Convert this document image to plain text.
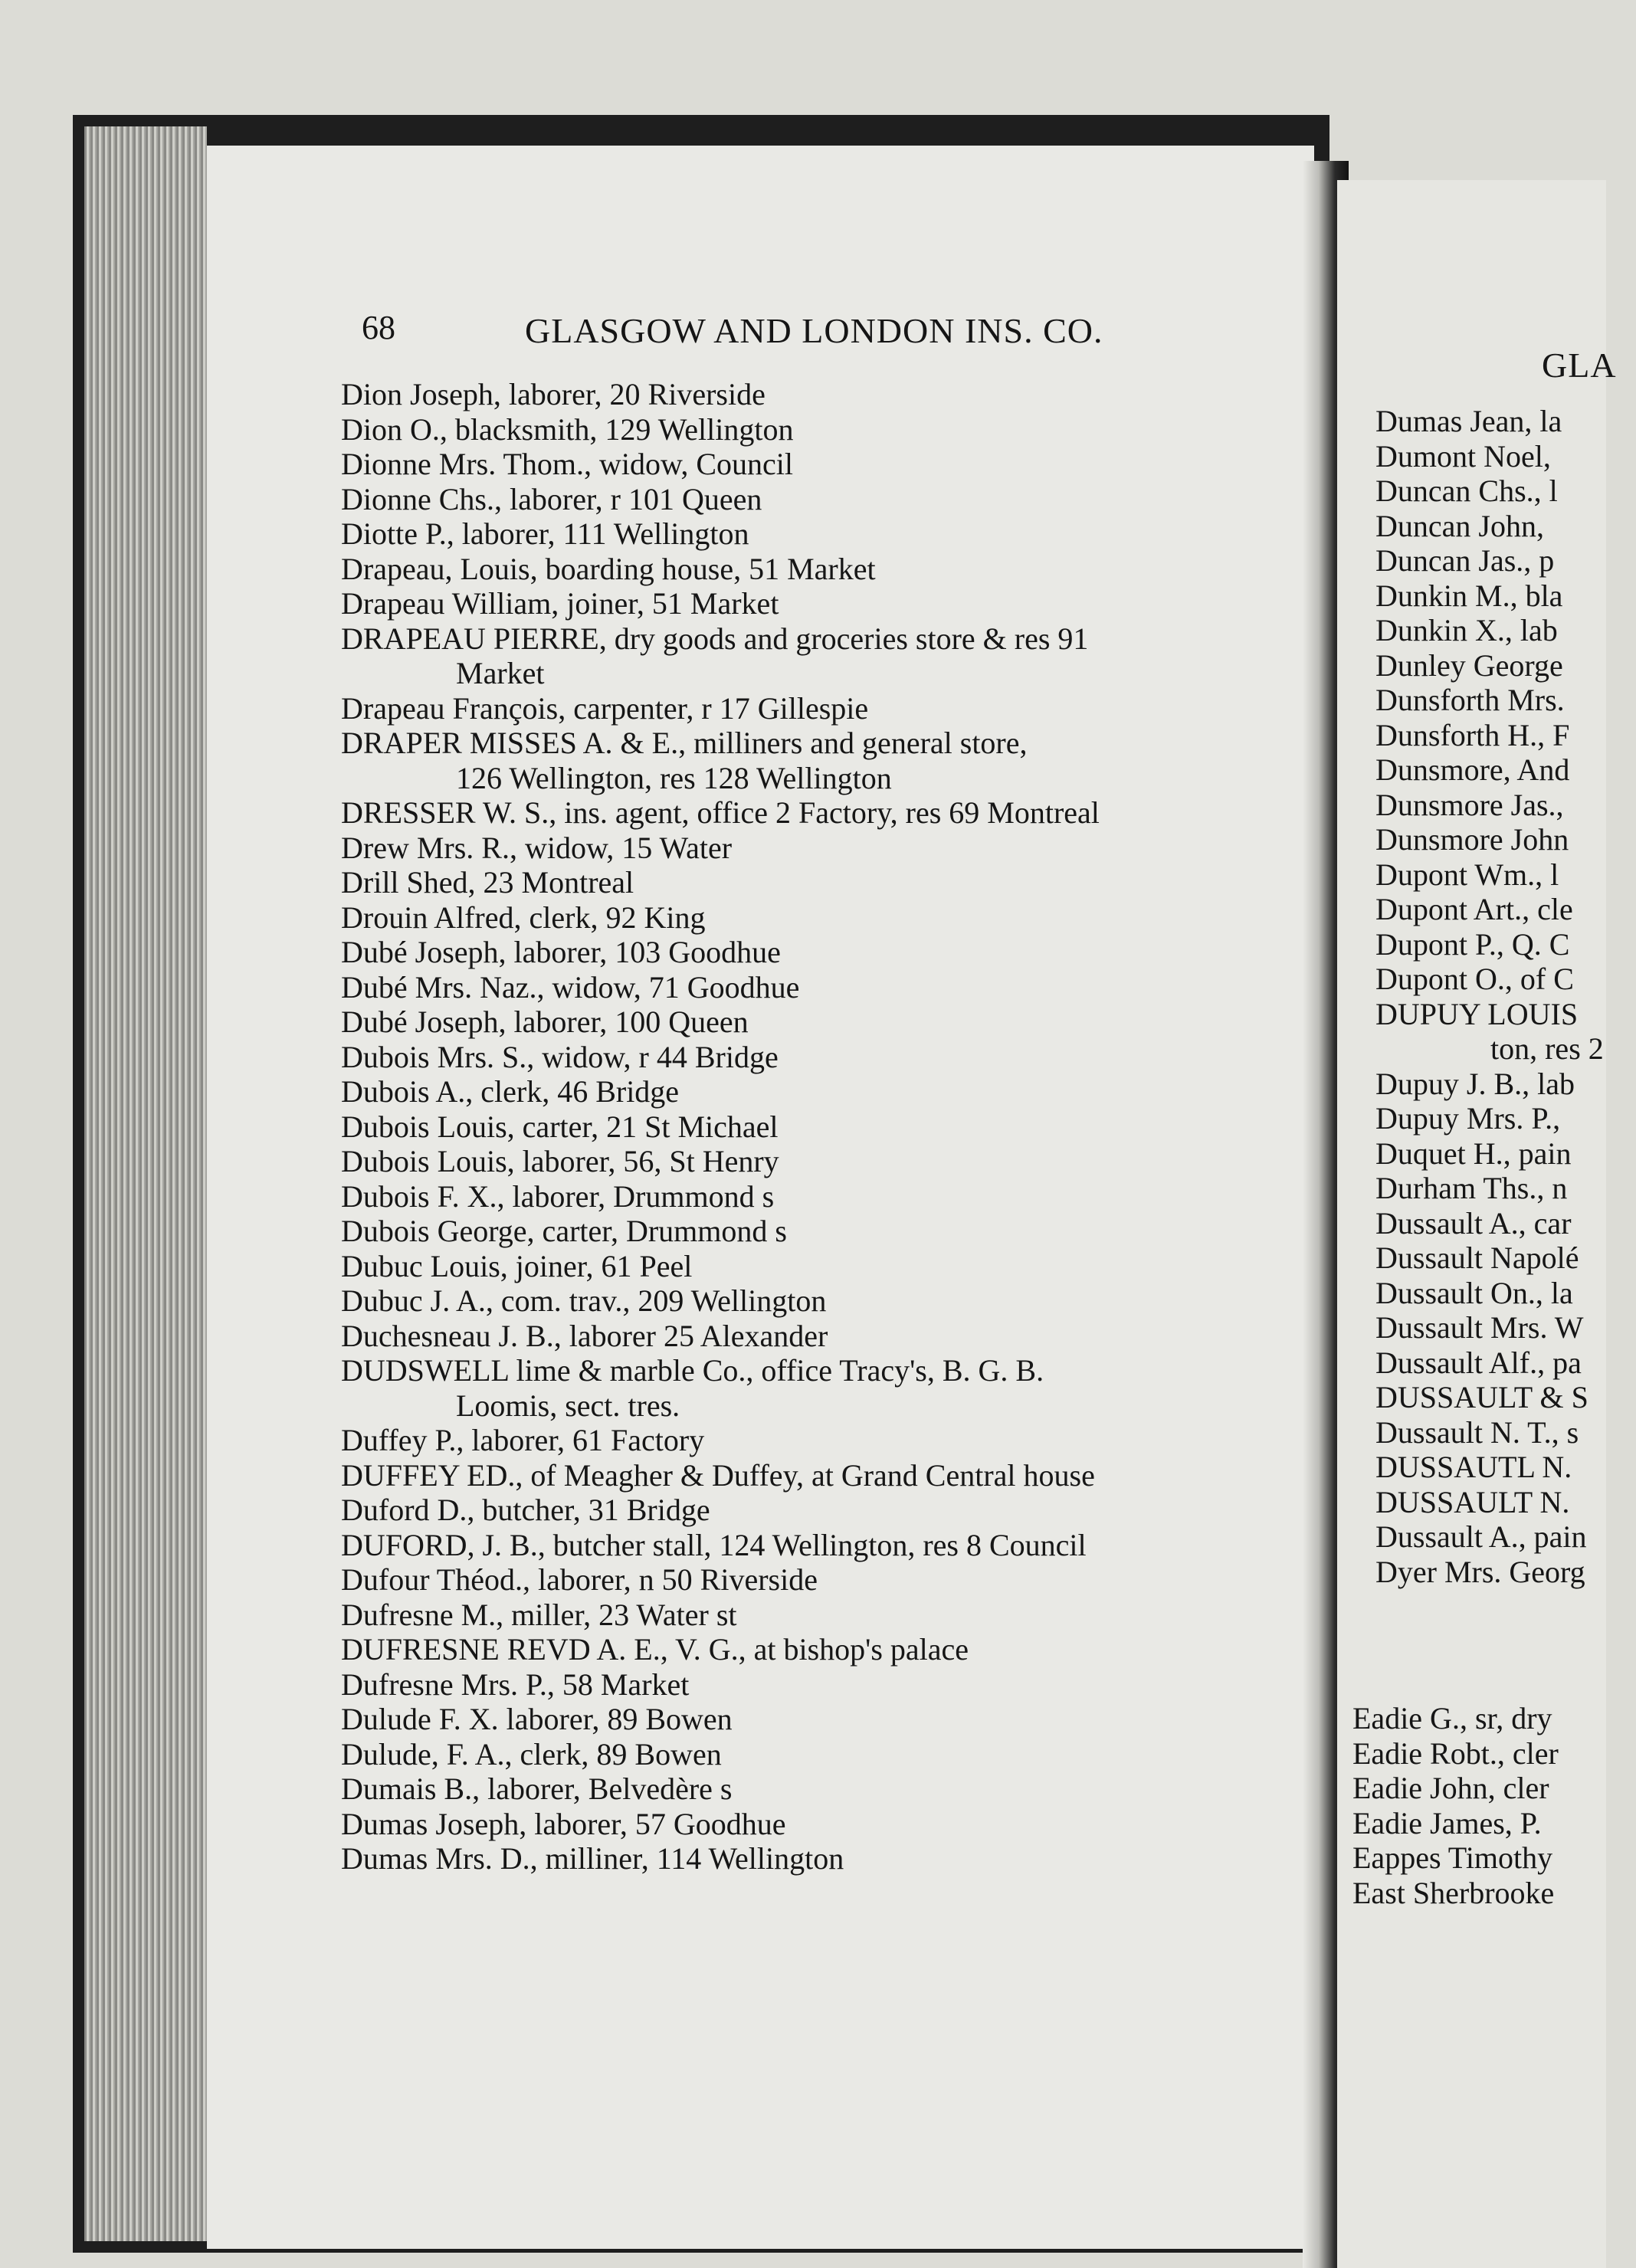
68	GLASGOW AND LONDON INS. CO.
Dion Joseph, laborer, 20 Riverside
Dion O., blacksmith, 129 Wellington
Dionne Mrs. Thom., widow, Council
Dionne Chs., laborer, r 101 Queen
Diotte P., laborer, 111 Wellington
Drapeau, Louis, boarding house, 51 Market
Drapeau William, joiner, 51 Market
DRAPEAU PIERRE, dry goods and groceries store & res 91
Market
Drapeau François, carpenter, r 17 Gillespie
DRAPER MISSES A. & E., milliners and general store,
126 Wellington, res 128 Wellington
DRESSER W. S., ins. agent, office 2 Factory, res 69 Montreal
Drew Mrs. R., widow, 15 Water
Drill Shed, 23 Montreal
Drouin Alfred, clerk, 92 King
Dubé Joseph, laborer, 103 Goodhue
Dubé Mrs. Naz., widow, 71 Goodhue
Dubé Joseph, laborer, 100 Queen
Dubois Mrs. S., widow, r 44 Bridge
Dubois A., clerk, 46 Bridge
Dubois Louis, carter, 21 St Michael
Dubois Louis, laborer, 56, St Henry
Dubois F. X., laborer, Drummond s
Dubois George, carter, Drummond s
Dubuc Louis, joiner, 61 Peel
Dubuc J. A., com. trav., 209 Wellington
Duchesneau J. B., laborer 25 Alexander
DUDSWELL lime & marble Co., office Tracy's, B. G. B.
Loomis, sect. tres.
Duffey P., laborer, 61 Factory
DUFFEY ED., of Meagher & Duffey, at Grand Central house
Duford D., butcher, 31 Bridge
DUFORD, J. B., butcher stall, 124 Wellington, res 8 Council
Dufour Théod., laborer, n 50 Riverside
Dufresne M., miller, 23 Water st
DUFRESNE REVD A. E., V. G., at bishop's palace
Dufresne Mrs. P., 58 Market
Dulude F. X. laborer, 89 Bowen
Dulude, F. A., clerk, 89 Bowen
Dumais B., laborer, Belvedère s
Dumas Joseph, laborer, 57 Goodhue
Dumas Mrs. D., milliner, 114 Wellington
GLA
Dumas Jean, la
Dumont Noel,
Duncan Chs., l
Duncan John,
Duncan Jas., p
Dunkin M., bla
Dunkin X., lab
Dunley George
Dunsforth Mrs.
Dunsforth H., F
Dunsmore, And
Dunsmore Jas.,
Dunsmore John
Dupont Wm., l
Dupont Art., cle
Dupont P., Q. C
Dupont O., of C
DUPUY LOUIS
ton, res 2
Dupuy J. B., lab
Dupuy Mrs. P.,
Duquet H., pain
Durham Ths., n
Dussault A., car
Dussault Napolé
Dussault On., la
Dussault Mrs. W
Dussault Alf., pa
DUSSAULT & S
Dussault N. T., s
DUSSAUTL N.
DUSSAULT N.
Dussault A., pain
Dyer Mrs. Georg
Eadie G., sr, dry
Eadie Robt., cler
Eadie John, cler
Eadie James, P.
Eappes Timothy
East Sherbrooke
